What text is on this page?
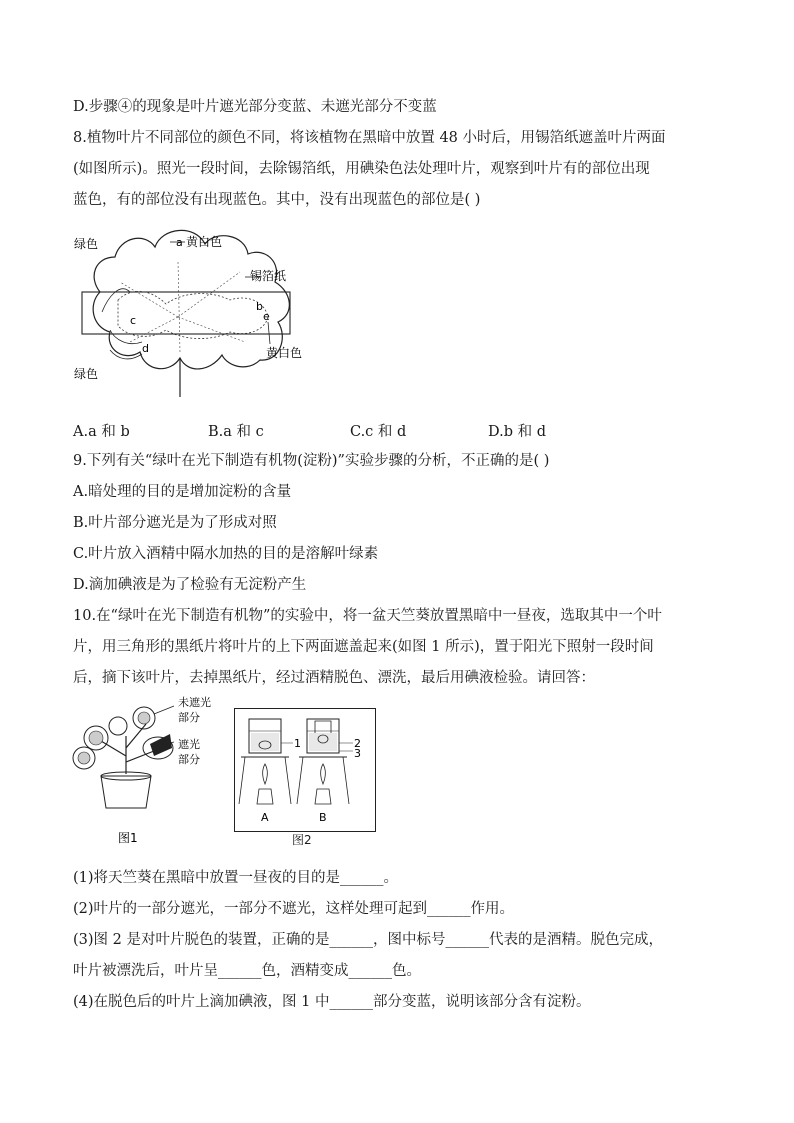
D.步骤④的现象是叶片遮光部分变蓝、未遮光部分不变蓝
8.植物叶片不同部位的颜色不同，将该植物在黑暗中放置 48 小时后，用锡箔纸遮盖叶片两面
(如图所示)。照光一段时间，去除锡箔纸，用碘染色法处理叶片，观察到叶片有的部位出现
蓝色，有的部位没有出现蓝色。其中，没有出现蓝色的部位是( )
绿色	a 黄白色
锡箔纸
b
e
c
d	黄白色
绿色
A.a 和 b	B.a 和 c	C.c 和 d	D.b 和 d
9.下列有关“绿叶在光下制造有机物(淀粉)”实验步骤的分析，不正确的是( )
A.暗处理的目的是增加淀粉的含量
B.叶片部分遮光是为了形成对照
C.叶片放入酒精中隔水加热的目的是溶解叶绿素
D.滴加碘液是为了检验有无淀粉产生
10.在“绿叶在光下制造有机物”的实验中，将一盆天竺葵放置黑暗中一昼夜，选取其中一个叶
片，用三角形的黑纸片将叶片的上下两面遮盖起来(如图 1 所示)，置于阳光下照射一段时间
后，摘下该叶片，去掉黑纸片，经过酒精脱色、漂洗，最后用碘液检验。请回答：
未遮光
部分
遮光
部分
图1
1	2
3
A	B
图2
(1)将天竺葵在黑暗中放置一昼夜的目的是______。
(2)叶片的一部分遮光，一部分不遮光，这样处理可起到______作用。
(3)图 2 是对叶片脱色的装置，正确的是______，图中标号______代表的是酒精。脱色完成，
叶片被漂洗后，叶片呈______色，酒精变成______色。
(4)在脱色后的叶片上滴加碘液，图 1 中______部分变蓝，说明该部分含有淀粉。
